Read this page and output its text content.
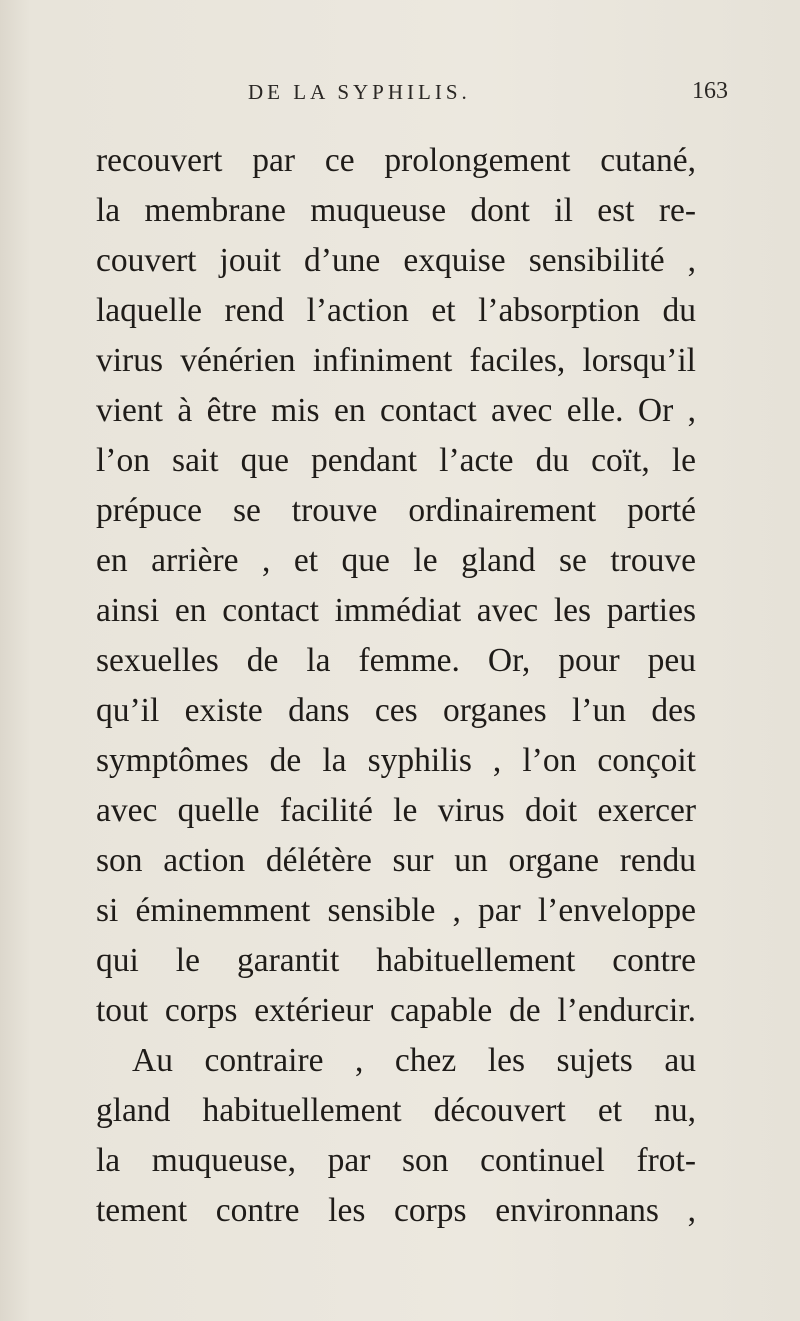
DE LA SYPHILIS.	163
recouvert par ce prolongement cutané,
la membrane muqueuse dont il est re-
couvert jouit d’une exquise sensibilité ,
laquelle rend l’action et l’absorption du
virus vénérien infiniment faciles, lorsqu’il
vient à être mis en contact avec elle. Or ,
l’on sait que pendant l’acte du coït, le
prépuce se trouve ordinairement porté
en arrière , et que le gland se trouve
ainsi en contact immédiat avec les parties
sexuelles de la femme. Or, pour peu
qu’il existe dans ces organes l’un des
symptômes de la syphilis , l’on conçoit
avec quelle facilité le virus doit exercer
son action délétère sur un organe rendu
si éminemment sensible , par l’enveloppe
qui le garantit habituellement contre
tout corps extérieur capable de l’endurcir.
Au contraire , chez les sujets au
gland habituellement découvert et nu,
la muqueuse, par son continuel frot-
tement contre les corps environnans ,
